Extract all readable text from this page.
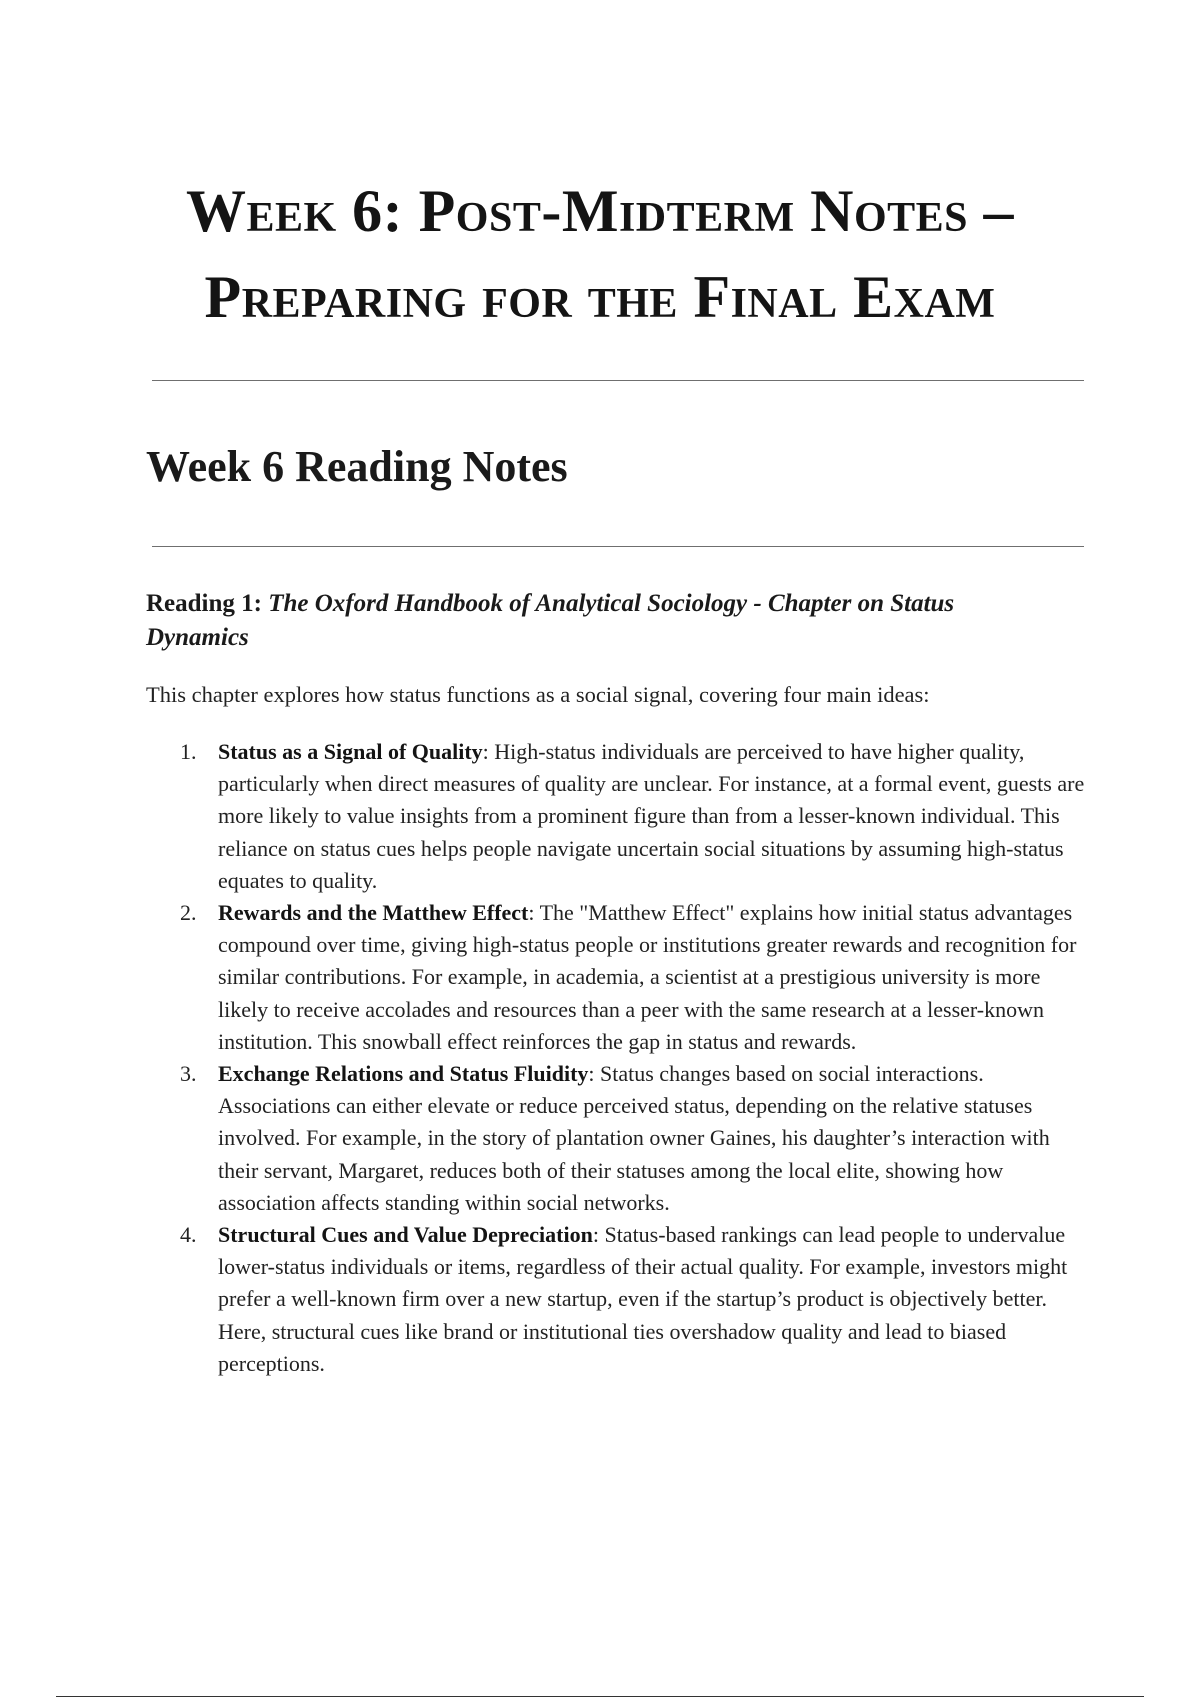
Week 6: Post-Midterm Notes –
Preparing for the Final Exam
Week 6 Reading Notes
Reading 1: The Oxford Handbook of Analytical Sociology - Chapter on Status Dynamics

This chapter explores how status functions as a social signal, covering four main ideas:

1. Status as a Signal of Quality: High-status individuals are perceived to have higher quality, particularly when direct measures of quality are unclear. For instance, at a formal event, guests are more likely to value insights from a prominent figure than from a lesser-known individual. This reliance on status cues helps people navigate uncertain social situations by assuming high-status equates to quality.
2. Rewards and the Matthew Effect: The "Matthew Effect" explains how initial status advantages compound over time, giving high-status people or institutions greater rewards and recognition for similar contributions. For example, in academia, a scientist at a prestigious university is more likely to receive accolades and resources than a peer with the same research at a lesser-known institution. This snowball effect reinforces the gap in status and rewards.
3. Exchange Relations and Status Fluidity: Status changes based on social interactions. Associations can either elevate or reduce perceived status, depending on the relative statuses involved. For example, in the story of plantation owner Gaines, his daughter’s interaction with their servant, Margaret, reduces both of their statuses among the local elite, showing how association affects standing within social networks.
4. Structural Cues and Value Depreciation: Status-based rankings can lead people to undervalue lower-status individuals or items, regardless of their actual quality. For example, investors might prefer a well-known firm over a new startup, even if the startup’s product is objectively better. Here, structural cues like brand or institutional ties overshadow quality and lead to biased perceptions.
